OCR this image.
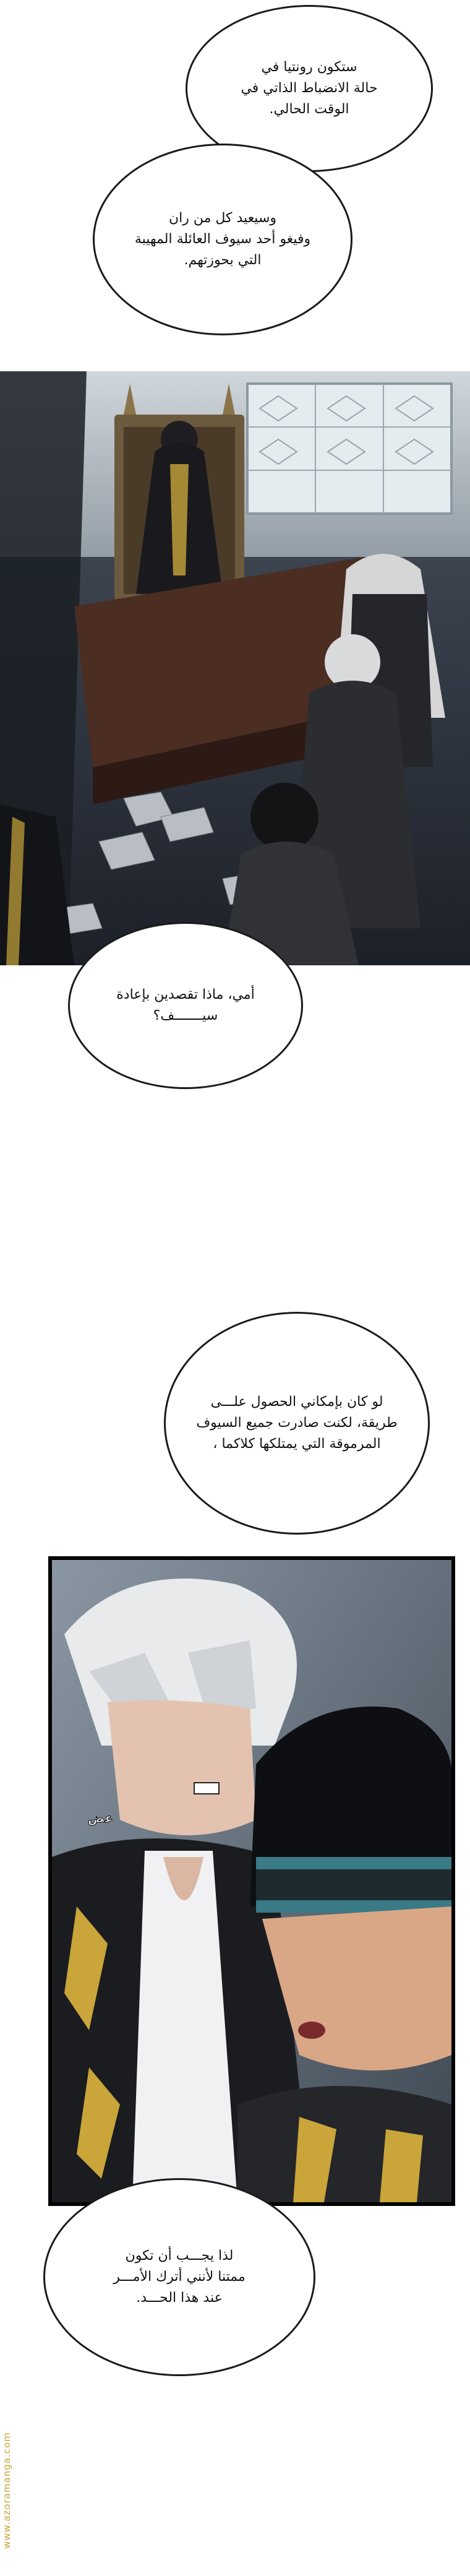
ستكون رونتيا في
حالة الانضباط الذاتي في
الوقت الحالي.
وسيعيد كل من ران
وفيغو أحد سيوف العائلة المهيبة
التي بحوزتهم.
أمي، ماذا تقصدين بإعادة
سيـــــــف؟
لو كان بإمكاني الحصول علـــى
طريقة، لكنت صادرت جميع السيوف
المرموقة التي يمتلكها كلاكما ،
عض
لذا يجـــب أن تكون
ممتنا لأنني أترك الأمـــر
عند هذا الحـــد.
www.azoramanga.com
